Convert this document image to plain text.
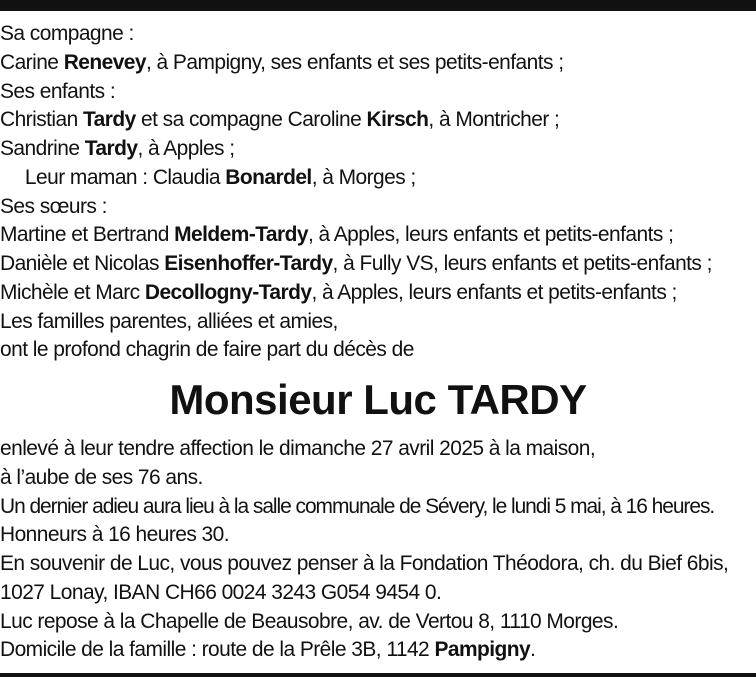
Sa compagne :
Carine Renevey, à Pampigny, ses enfants et ses petits-enfants ;
Ses enfants :
Christian Tardy et sa compagne Caroline Kirsch, à Montricher ;
Sandrine Tardy, à Apples ;
Leur maman : Claudia Bonardel, à Morges ;
Ses sœurs :
Martine et Bertrand Meldem-Tardy, à Apples, leurs enfants et petits-enfants ;
Danièle et Nicolas Eisenhoffer-Tardy, à Fully VS, leurs enfants et petits-enfants ;
Michèle et Marc Decollogny-Tardy, à Apples, leurs enfants et petits-enfants ;
Les familles parentes, alliées et amies,
ont le profond chagrin de faire part du décès de
Monsieur Luc TARDY
enlevé à leur tendre affection le dimanche 27 avril 2025 à la maison,
à l’aube de ses 76 ans.
Un dernier adieu aura lieu à la salle communale de Sévery, le lundi 5 mai, à 16 heures.
Honneurs à 16 heures 30.
En souvenir de Luc, vous pouvez penser à la Fondation Théodora, ch. du Bief 6bis,
1027 Lonay, IBAN CH66 0024 3243 G054 9454 0.
Luc repose à la Chapelle de Beausobre, av. de Vertou 8, 1110 Morges.
Domicile de la famille : route de la Prêle 3B, 1142 Pampigny.
